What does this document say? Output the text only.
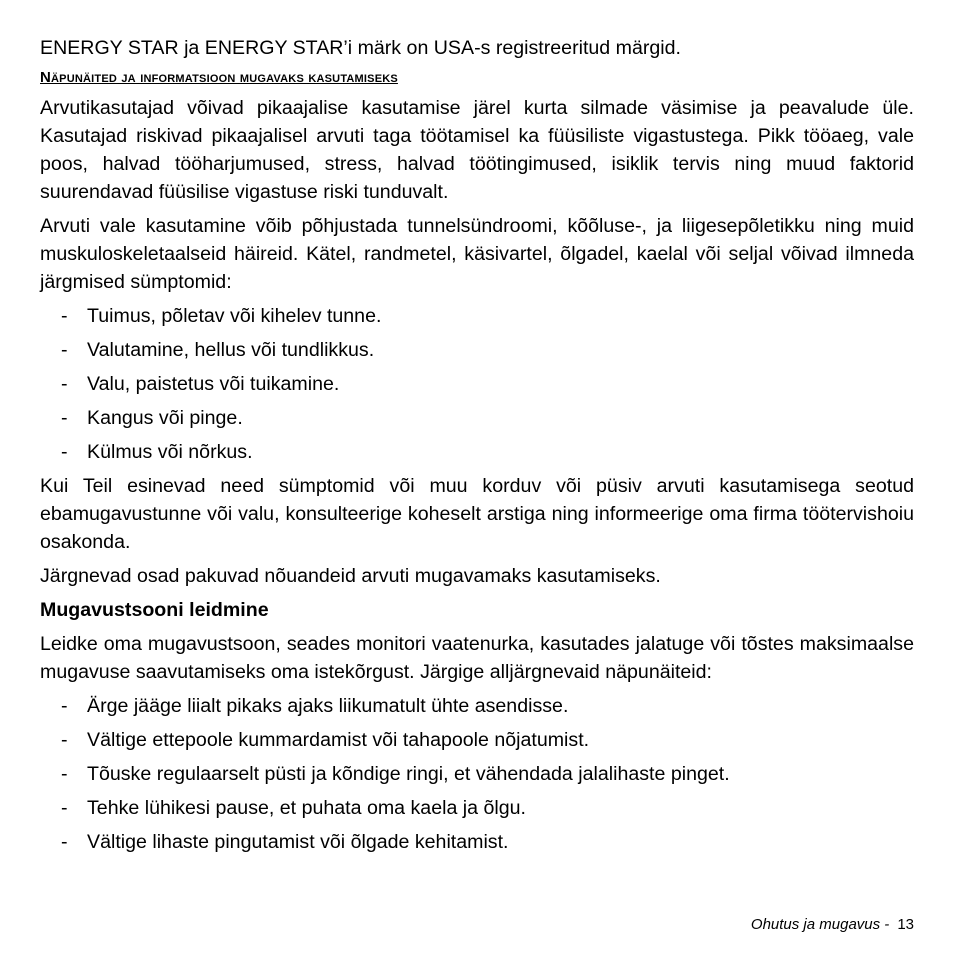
ENERGY STAR ja ENERGY STAR’i märk on USA-s registreeritud märgid.

Näpunäited ja informatsioon mugavaks kasutamiseks

Arvutikasutajad võivad pikaajalise kasutamise järel kurta silmade väsimise ja peavalude üle. Kasutajad riskivad pikaajalisel arvuti taga töötamisel ka füüsiliste vigastustega. Pikk tööaeg, vale poos, halvad tööharjumused, stress, halvad töötingimused, isiklik tervis ning muud faktorid suurendavad füüsilise vigastuse riski tunduvalt.

Arvuti vale kasutamine võib põhjustada tunnelsündroomi, kõõluse-, ja liigesepõletikku ning muid muskuloskeletaalseid häireid. Kätel, randmetel, käsivartel, õlgadel, kaelal või seljal võivad ilmneda järgmised sümptomid:

- Tuimus, põletav või kihelev tunne.
- Valutamine, hellus või tundlikkus.
- Valu, paistetus või tuikamine.
- Kangus või pinge.
- Külmus või nõrkus.

Kui Teil esinevad need sümptomid või muu korduv või püsiv arvuti kasutamisega seotud ebamugavustunne või valu, konsulteerige koheselt arstiga ning informeerige oma firma töötervishoiu osakonda.

Järgnevad osad pakuvad nõuandeid arvuti mugavamaks kasutamiseks.

Mugavustsooni leidmine

Leidke oma mugavustsoon, seades monitori vaatenurka, kasutades jalatuge või tõstes maksimaalse mugavuse saavutamiseks oma istekõrgust. Järgige alljärgnevaid näpunäiteid:

- Ärge jääge liialt pikaks ajaks liikumatult ühte asendisse.
- Vältige ettepoole kummardamist või tahapoole nõjatumist.
- Tõuske regulaarselt püsti ja kõndige ringi, et vähendada jalalihaste pinget.
- Tehke lühikesi pause, et puhata oma kaela ja õlgu.
- Vältige lihaste pingutamist või õlgade kehitamist.
Ohutus ja mugavus - 13
